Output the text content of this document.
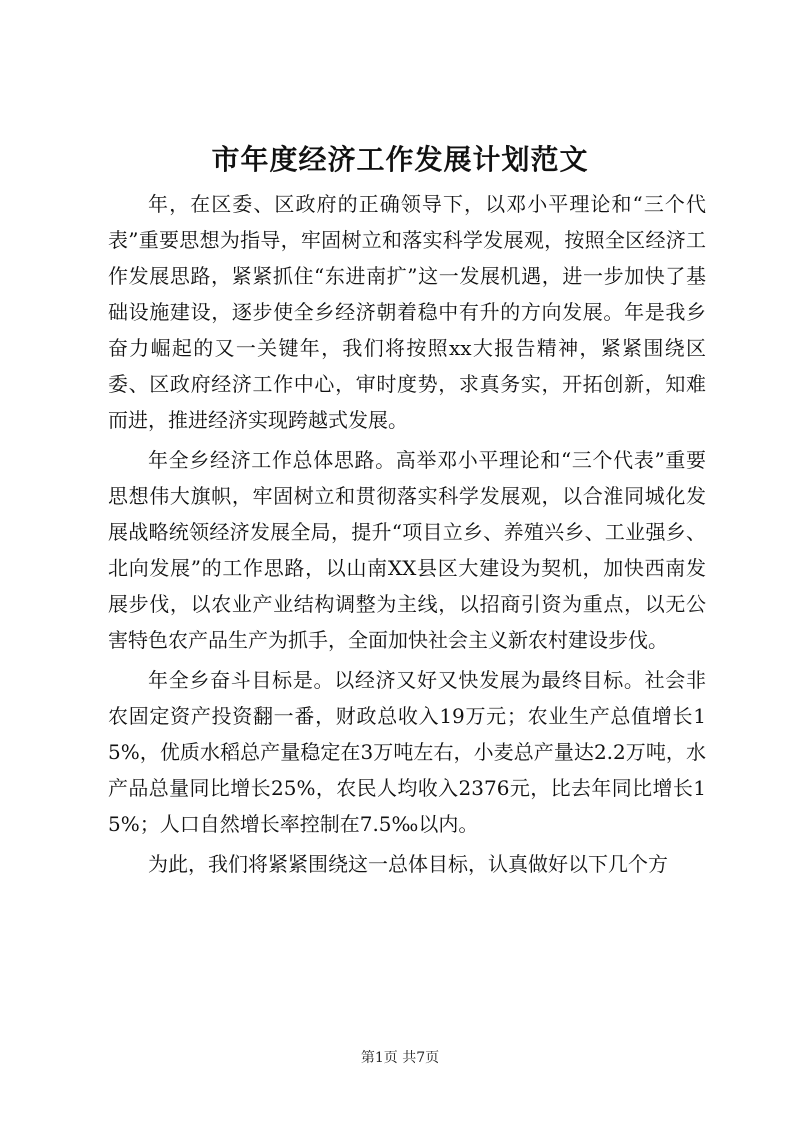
市年度经济工作发展计划范文

年，在区委、区政府的正确领导下，以邓小平理论和“三个代表”重要思想为指导，牢固树立和落实科学发展观，按照全区经济工作发展思路，紧紧抓住“东进南扩”这一发展机遇，进一步加快了基础设施建设，逐步使全乡经济朝着稳中有升的方向发展。年是我乡奋力崛起的又一关键年，我们将按照xx大报告精神，紧紧围绕区委、区政府经济工作中心，审时度势，求真务实，开拓创新，知难而进，推进经济实现跨越式发展。

年全乡经济工作总体思路。高举邓小平理论和“三个代表”重要思想伟大旗帜，牢固树立和贯彻落实科学发展观，以合淮同城化发展战略统领经济发展全局，提升“项目立乡、养殖兴乡、工业强乡、北向发展”的工作思路，以山南XX县区大建设为契机，加快西南发展步伐，以农业产业结构调整为主线，以招商引资为重点，以无公害特色农产品生产为抓手，全面加快社会主义新农村建设步伐。

年全乡奋斗目标是。以经济又好又快发展为最终目标。社会非农固定资产投资翻一番，财政总收入19万元；农业生产总值增长15%，优质水稻总产量稳定在3万吨左右，小麦总产量达2.2万吨，水产品总量同比增长25%，农民人均收入2376元，比去年同比增长15%；人口自然增长率控制在7.5‰以内。

为此，我们将紧紧围绕这一总体目标，认真做好以下几个方

第1页 共7页
